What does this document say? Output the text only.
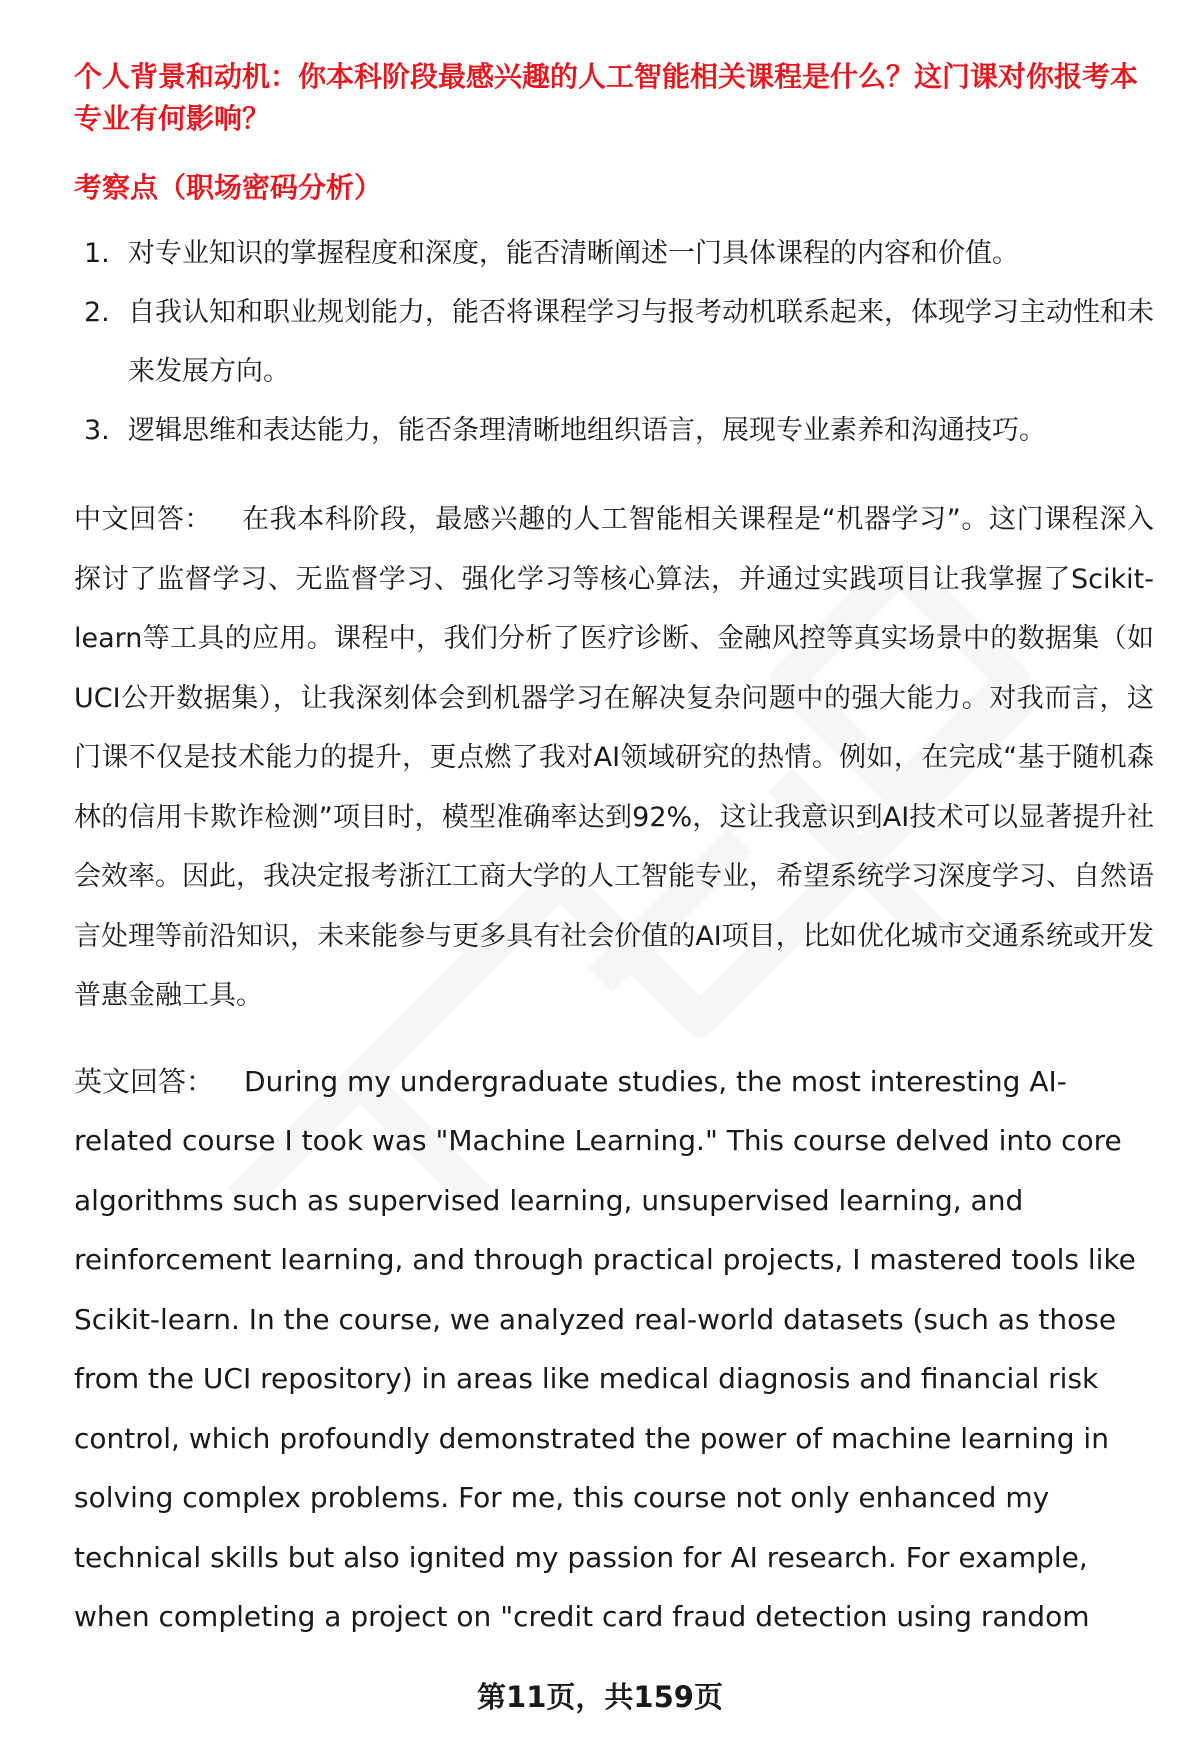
个人背景和动机：你本科阶段最感兴趣的人工智能相关课程是什么？这门课对你报考本专业有何影响？

考察点（职场密码分析）

1. 对专业知识的掌握程度和深度，能否清晰阐述一门具体课程的内容和价值。
2. 自我认知和职业规划能力，能否将课程学习与报考动机联系起来，体现学习主动性和未来发展方向。
3. 逻辑思维和表达能力，能否条理清晰地组织语言，展现专业素养和沟通技巧。

中文回答： 在我本科阶段，最感兴趣的人工智能相关课程是“机器学习”。这门课程深入探讨了监督学习、无监督学习、强化学习等核心算法，并通过实践项目让我掌握了Scikit-learn等工具的应用。课程中，我们分析了医疗诊断、金融风控等真实场景中的数据集（如UCI公开数据集），让我深刻体会到机器学习在解决复杂问题中的强大能力。对我而言，这门课不仅是技术能力的提升，更点燃了我对AI领域研究的热情。例如，在完成“基于随机森林的信用卡欺诈检测”项目时，模型准确率达到92%，这让我意识到AI技术可以显著提升社会效率。因此，我决定报考浙江工商大学的人工智能专业，希望系统学习深度学习、自然语言处理等前沿知识，未来能参与更多具有社会价值的AI项目，比如优化城市交通系统或开发普惠金融工具。

英文回答： During my undergraduate studies, the most interesting AI-related course I took was "Machine Learning." This course delved into core algorithms such as supervised learning, unsupervised learning, and reinforcement learning, and through practical projects, I mastered tools like Scikit-learn. In the course, we analyzed real-world datasets (such as those from the UCI repository) in areas like medical diagnosis and financial risk control, which profoundly demonstrated the power of machine learning in solving complex problems. For me, this course not only enhanced my technical skills but also ignited my passion for AI research. For example, when completing a project on "credit card fraud detection using random

第11页，共159页
